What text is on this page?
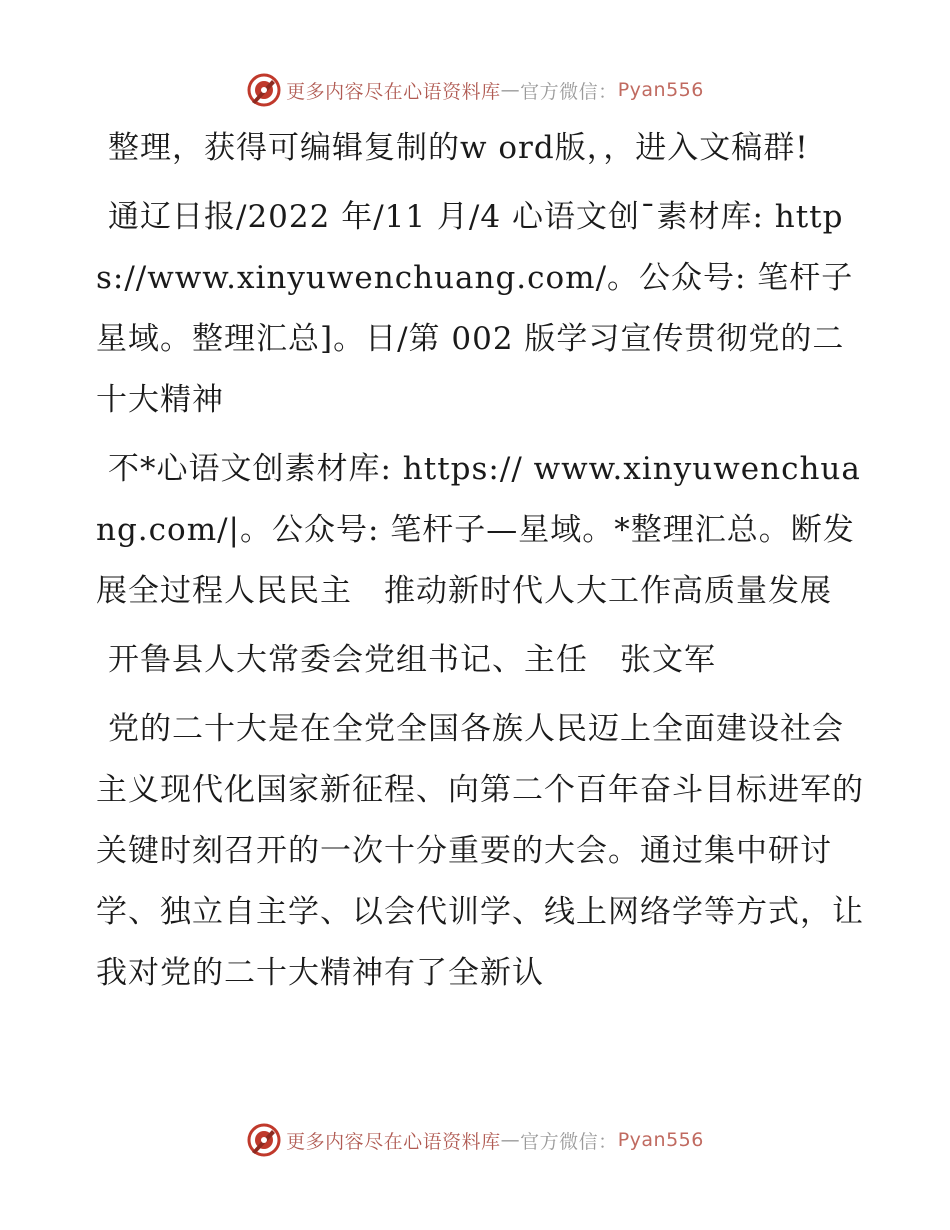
更多内容尽在心语资料库 — 官方微信： Pyan556

整理，获得可编辑复制的w ord版，，进入文稿群!

通辽日报/2022 年/11 月/4 心语文创¯素材库: https://www.xinyuwenchuang.com/。公众号: 笔杆子星域。整理汇总]。日/第 002 版学习宣传贯彻党的二十大精神

不*心语文创素材库: https:// www.xinyuwenchuang.com/|。公众号: 笔杆子—星域。*整理汇总。断发展全过程人民民主　推动新时代人大工作高质量发展

开鲁县人大常委会党组书记、主任　张文军

党的二十大是在全党全国各族人民迈上全面建设社会主义现代化国家新征程、向第二个百年奋斗目标进军的关键时刻召开的一次十分重要的大会。通过集中研讨学、独立自主学、以会代训学、线上网络学等方式，让我对党的二十大精神有了全新认

更多内容尽在心语资料库 — 官方微信： Pyan556
